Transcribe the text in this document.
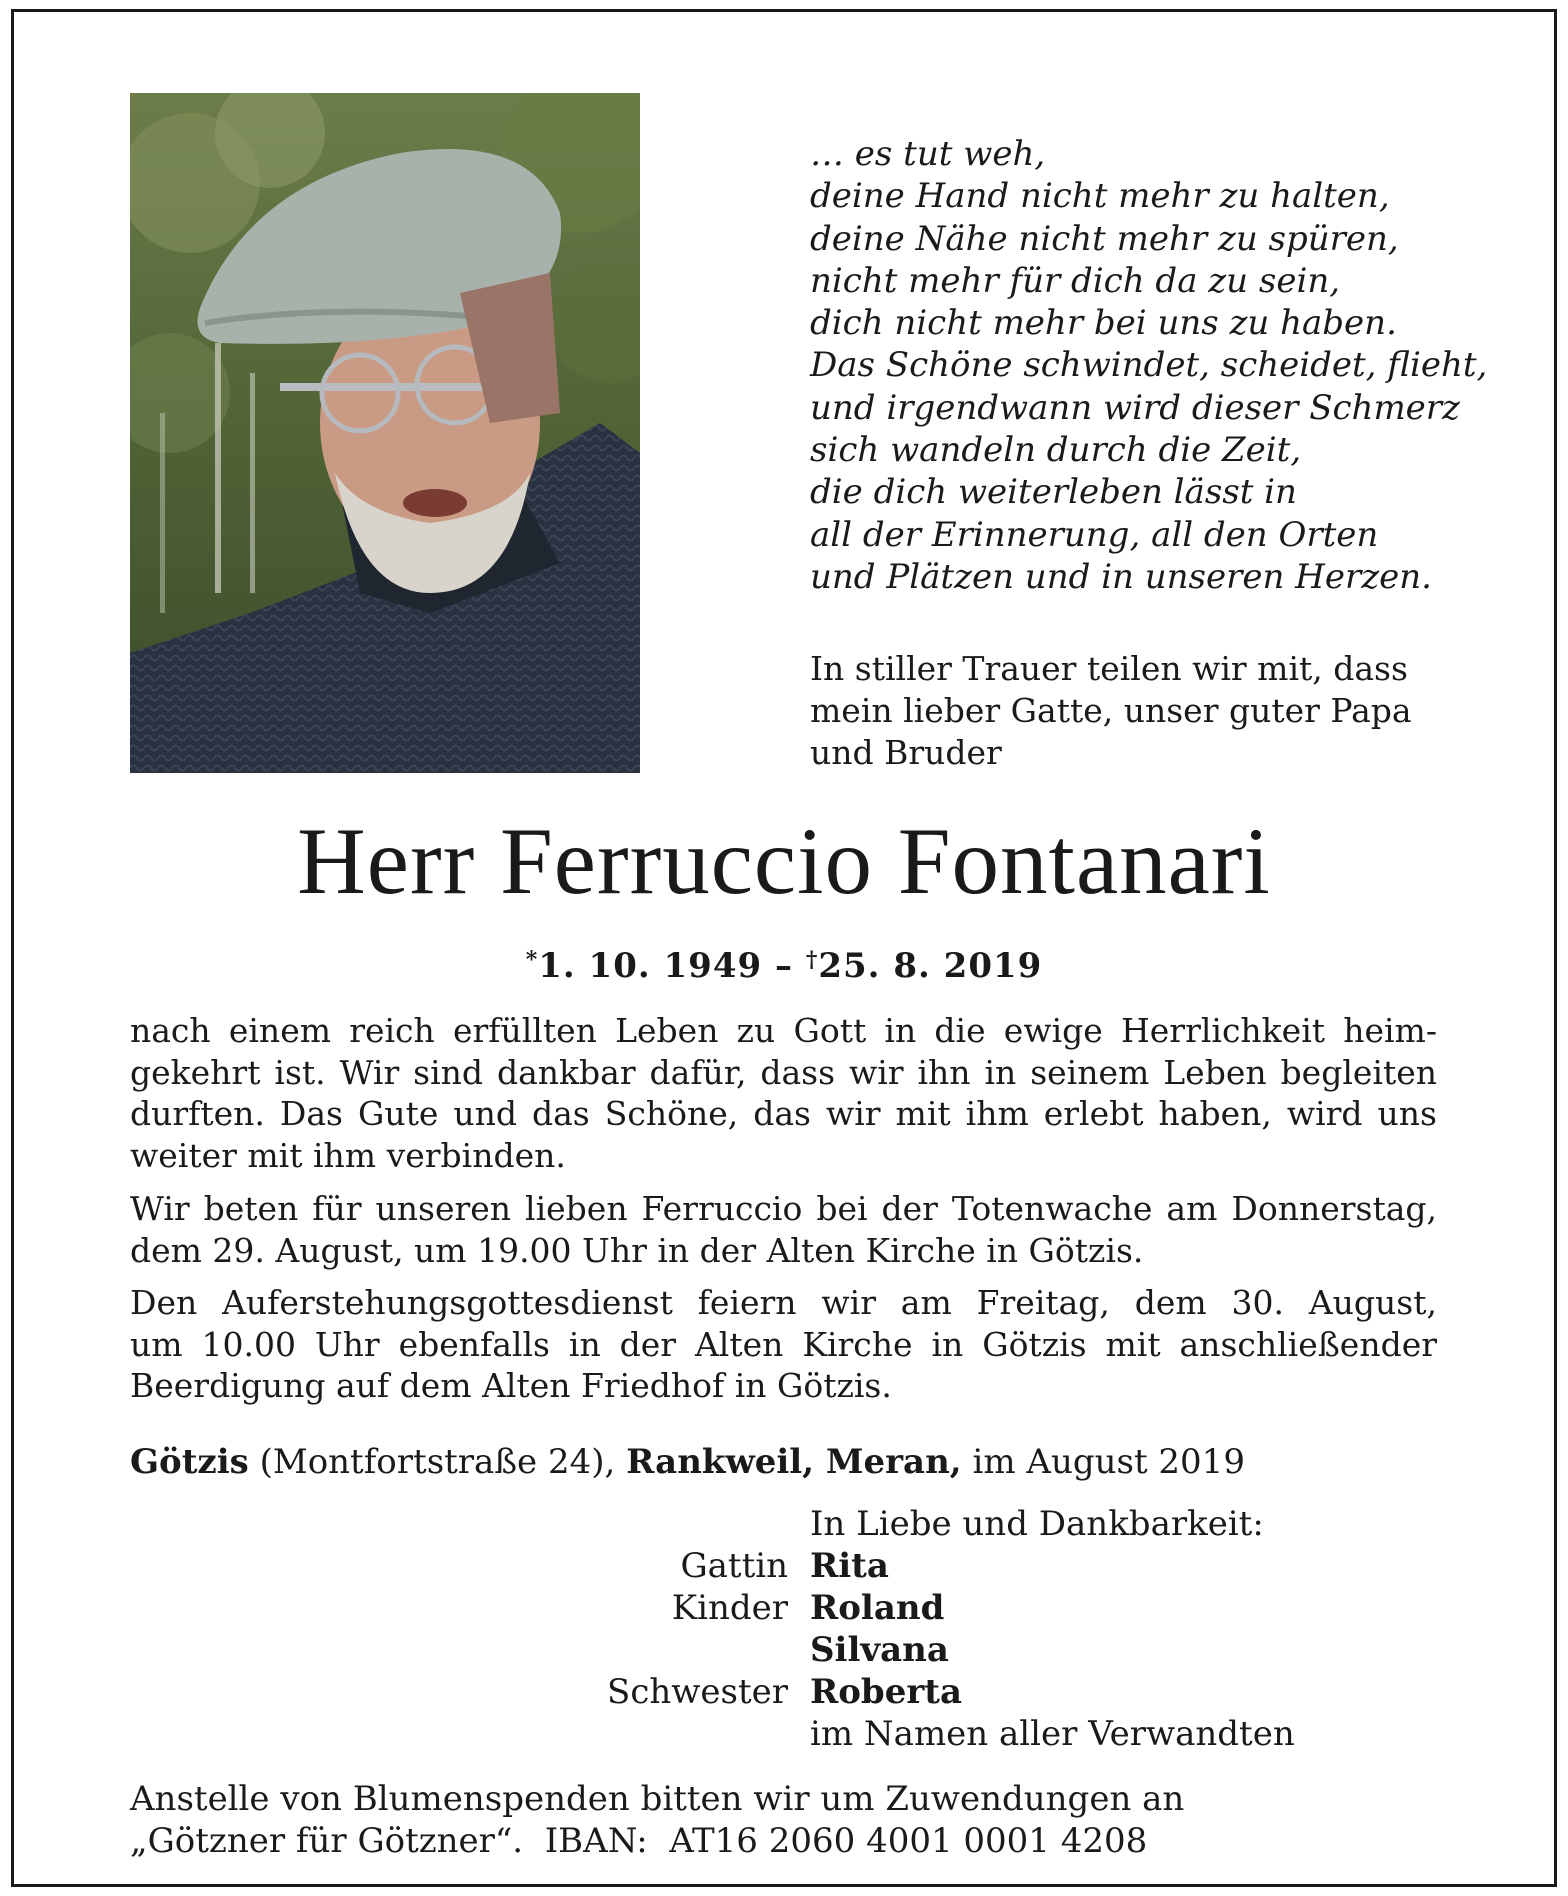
… es tut weh,
deine Hand nicht mehr zu halten,
deine Nähe nicht mehr zu spüren,
nicht mehr für dich da zu sein,
dich nicht mehr bei uns zu haben.
Das Schöne schwindet, scheidet, flieht,
und irgendwann wird dieser Schmerz
sich wandeln durch die Zeit,
die dich weiterleben lässt in
all der Erinnerung, all den Orten
und Plätzen und in unseren Herzen.
In stiller Trauer teilen wir mit, dass
mein lieber Gatte, unser guter Papa
und Bruder
Herr Ferruccio Fontanari
*1. 10. 1949 – †25. 8. 2019
nach einem reich erfüllten Leben zu Gott in die ewige Herrlichkeit heim-
gekehrt ist. Wir sind dankbar dafür, dass wir ihn in seinem Leben begleiten
durften. Das Gute und das Schöne, das wir mit ihm erlebt haben, wird uns
weiter mit ihm verbinden.
Wir beten für unseren lieben Ferruccio bei der Totenwache am Donnerstag,
dem 29. August, um 19.00 Uhr in der Alten Kirche in Götzis.
Den Auferstehungsgottesdienst feiern wir am Freitag, dem 30. August,
um 10.00 Uhr ebenfalls in der Alten Kirche in Götzis mit anschließender
Beerdigung auf dem Alten Friedhof in Götzis.
Götzis (Montfortstraße 24), Rankweil, Meran, im August 2019
In Liebe und Dankbarkeit:
Gattin Rita
Kinder Roland
Silvana
Schwester Roberta
im Namen aller Verwandten
Anstelle von Blumenspenden bitten wir um Zuwendungen an
„Götzner für Götzner“.  IBAN:  AT16 2060 4001 0001 4208
